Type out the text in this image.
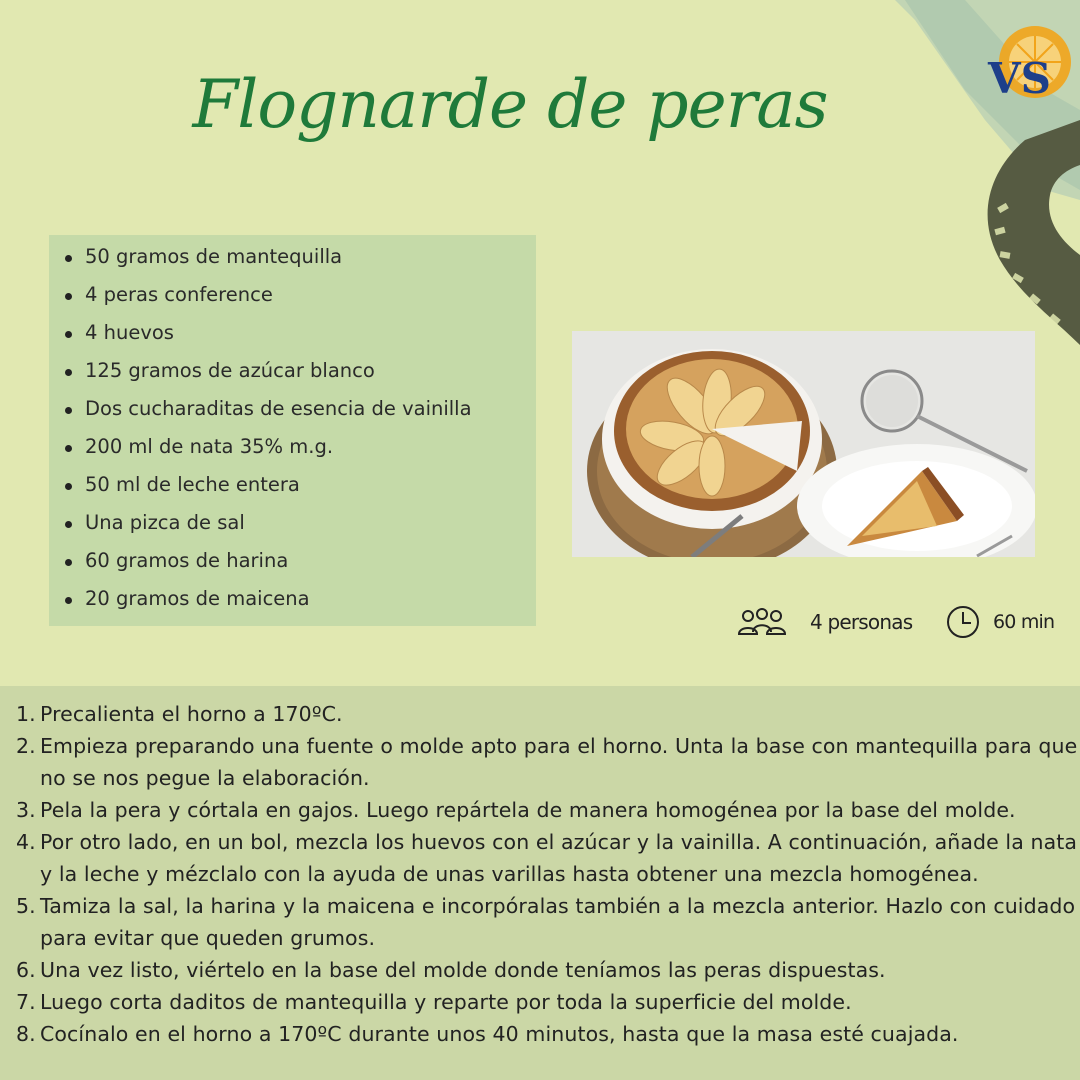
VS
Flognarde de peras
50 gramos de mantequilla
4 peras conference
4 huevos
125 gramos de azúcar blanco
Dos cucharaditas de esencia de vainilla
200 ml de nata 35% m.g.
50 ml de leche entera
Una pizca de sal
60 gramos de harina
20 gramos de maicena
4 personas	60 min
1. Precalienta el horno a 170ºC.
2. Empieza preparando una fuente o molde apto para el horno. Unta la base con mantequilla para que no se nos pegue la elaboración.
3. Pela la pera y córtala en gajos. Luego repártela de manera homogénea por la base del molde.
4. Por otro lado, en un bol, mezcla los huevos con el azúcar y la vainilla. A continuación, añade la nata y la leche y mézclalo con la ayuda de unas varillas hasta obtener una mezcla homogénea.
5. Tamiza la sal, la harina y la maicena e incorpóralas también a la mezcla anterior. Hazlo con cuidado para evitar que queden grumos.
6. Una vez listo, viértelo en la base del molde donde teníamos las peras dispuestas.
7. Luego corta daditos de mantequilla y reparte por toda la superficie del molde.
8. Cocínalo en el horno a 170ºC durante unos 40 minutos, hasta que la masa esté cuajada.
